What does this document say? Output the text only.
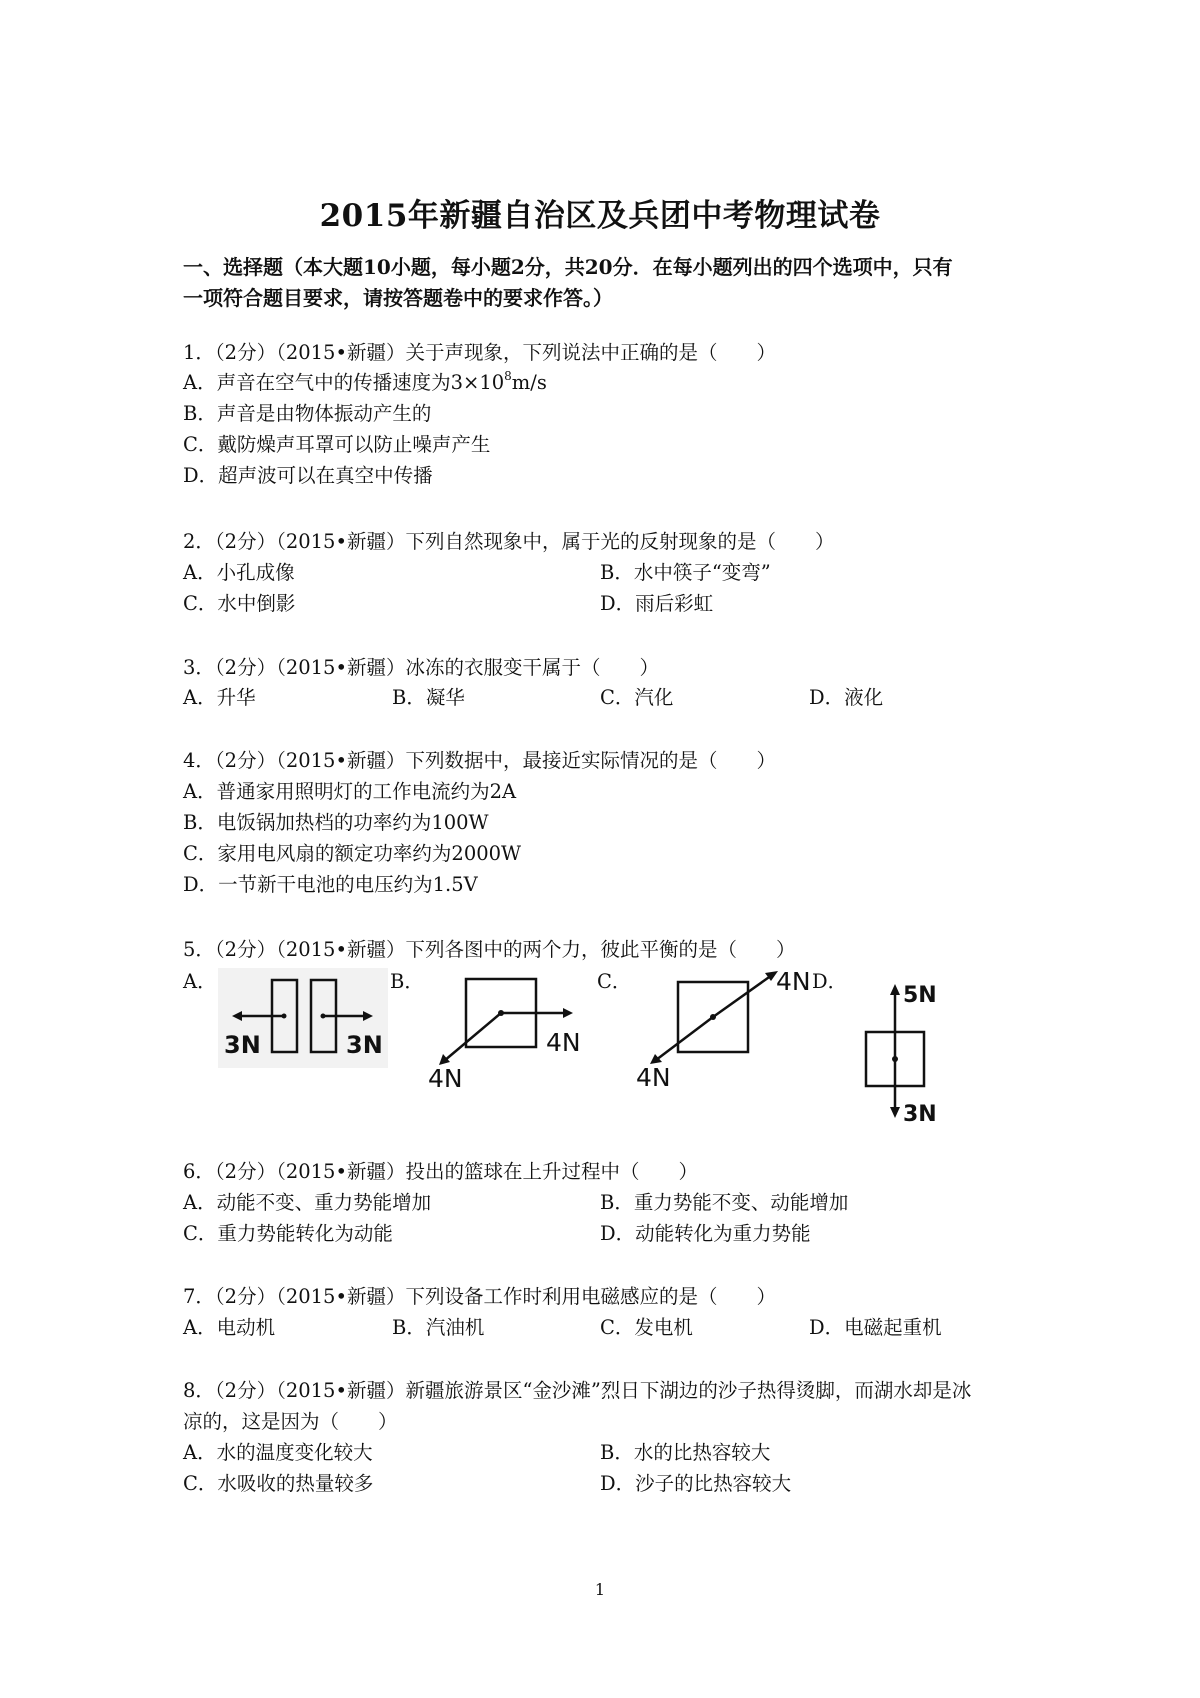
2015年新疆自治区及兵团中考物理试卷
一、选择题（本大题10小题，每小题2分，共20分．在每小题列出的四个选项中，只有
一项符合题目要求，请按答题卷中的要求作答。）
1．（2分）（2015•新疆）关于声现象，下列说法中正确的是（　　）
A．声音在空气中的传播速度为$3\times 10^8m/s$
B．声音是由物体振动产生的
C．戴防燥声耳罩可以防止噪声产生
D．超声波可以在真空中传播
2．（2分）（2015•新疆）下列自然现象中，属于光的反射现象的是（　　）
A．小孔成像	B．水中筷子“变弯”
C．水中倒影	D．雨后彩虹
3．（2分）（2015•新疆）冰冻的衣服变干属于（　　）
A．升华	B．凝华	C．汽化	D．液化
4．（2分）（2015•新疆）下列数据中，最接近实际情况的是（　　）
A．普通家用照明灯的工作电流约为2A
B．电饭锅加热档的功率约为100W
C．家用电风扇的额定功率约为2000W
D．一节新干电池的电压约为1.5V
5．（2分）（2015•新疆）下列各图中的两个力，彼此平衡的是（　　）
A．	B．	C．	D．
3N	3N	4N
4N
4N
4N
5N
3N
6．（2分）（2015•新疆）投出的篮球在上升过程中（　　）
A．动能不变、重力势能增加	B．重力势能不变、动能增加
C．重力势能转化为动能	D．动能转化为重力势能
7．（2分）（2015•新疆）下列设备工作时利用电磁感应的是（　　）
A．电动机	B．汽油机	C．发电机	D．电磁起重机
8．（2分）（2015•新疆）新疆旅游景区“金沙滩”烈日下湖边的沙子热得烫脚，而湖水却是冰
凉的，这是因为（　　）
A．水的温度变化较大	B．水的比热容较大
C．水吸收的热量较多	D．沙子的比热容较大
1
